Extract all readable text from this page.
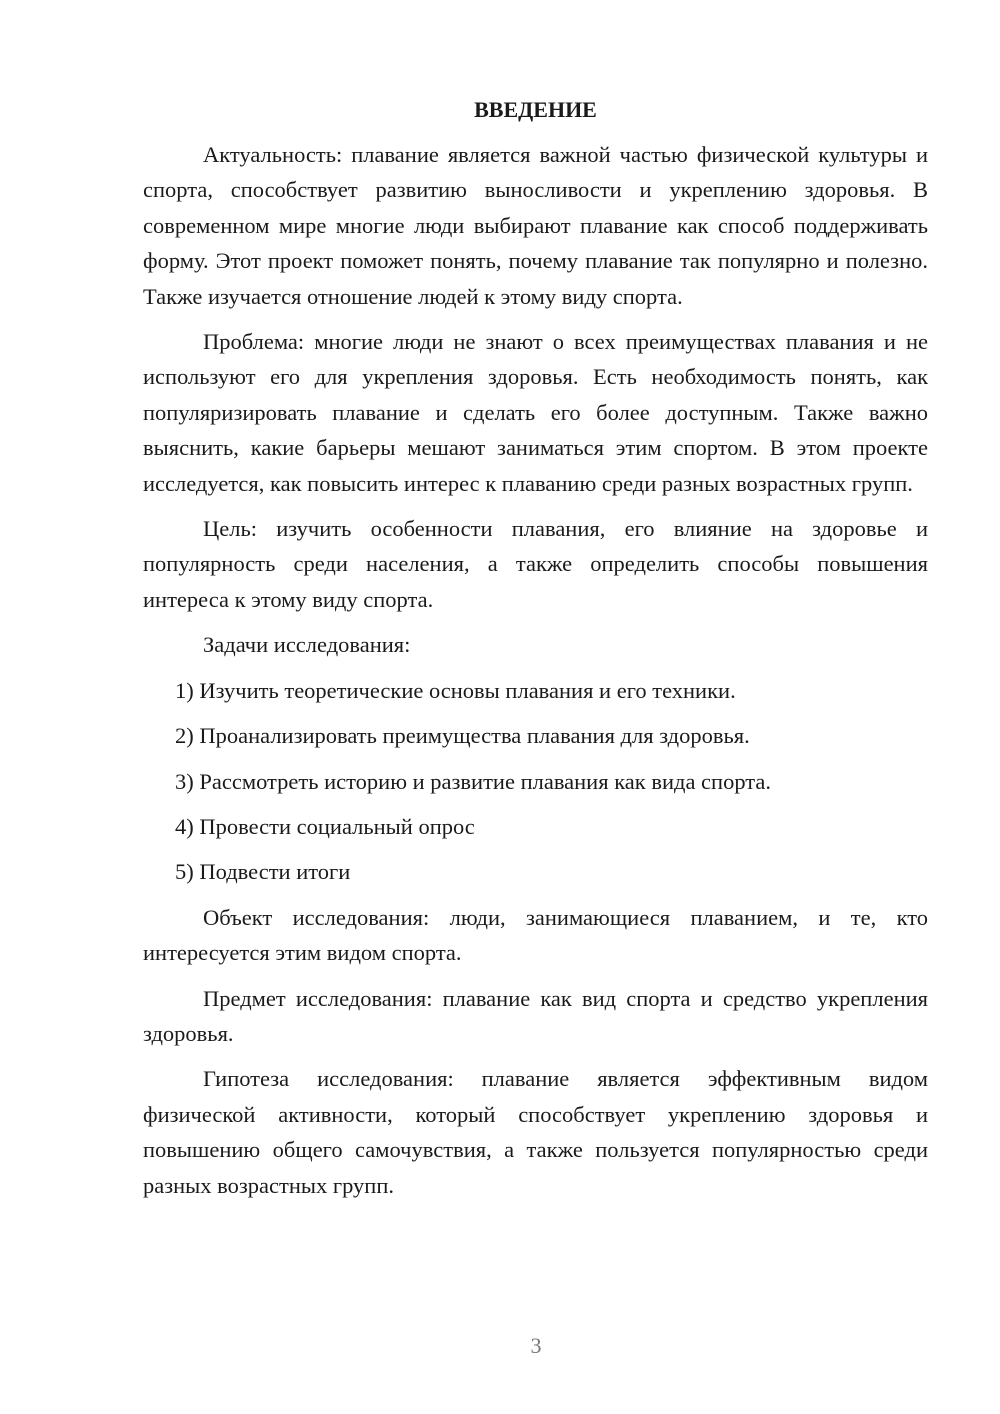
ВВЕДЕНИЕ

Актуальность: плавание является важной частью физической культуры и спорта, способствует развитию выносливости и укреплению здоровья. В современном мире многие люди выбирают плавание как способ поддерживать форму. Этот проект поможет понять, почему плавание так популярно и полезно. Также изучается отношение людей к этому виду спорта.

Проблема: многие люди не знают о всех преимуществах плавания и не используют его для укрепления здоровья. Есть необходимость понять, как популяризировать плавание и сделать его более доступным. Также важно выяснить, какие барьеры мешают заниматься этим спортом. В этом проекте исследуется, как повысить интерес к плаванию среди разных возрастных групп.

Цель: изучить особенности плавания, его влияние на здоровье и популярность среди населения, а также определить способы повышения интереса к этому виду спорта.

Задачи исследования:

1) Изучить теоретические основы плавания и его техники.

2) Проанализировать преимущества плавания для здоровья.

3) Рассмотреть историю и развитие плавания как вида спорта.

4) Провести социальный опрос

5) Подвести итоги

Объект исследования: люди, занимающиеся плаванием, и те, кто интересуется этим видом спорта.

Предмет исследования: плавание как вид спорта и средство укрепления здоровья.

Гипотеза исследования: плавание является эффективным видом физической активности, который способствует укреплению здоровья и повышению общего самочувствия, а также пользуется популярностью среди разных возрастных групп.

3
